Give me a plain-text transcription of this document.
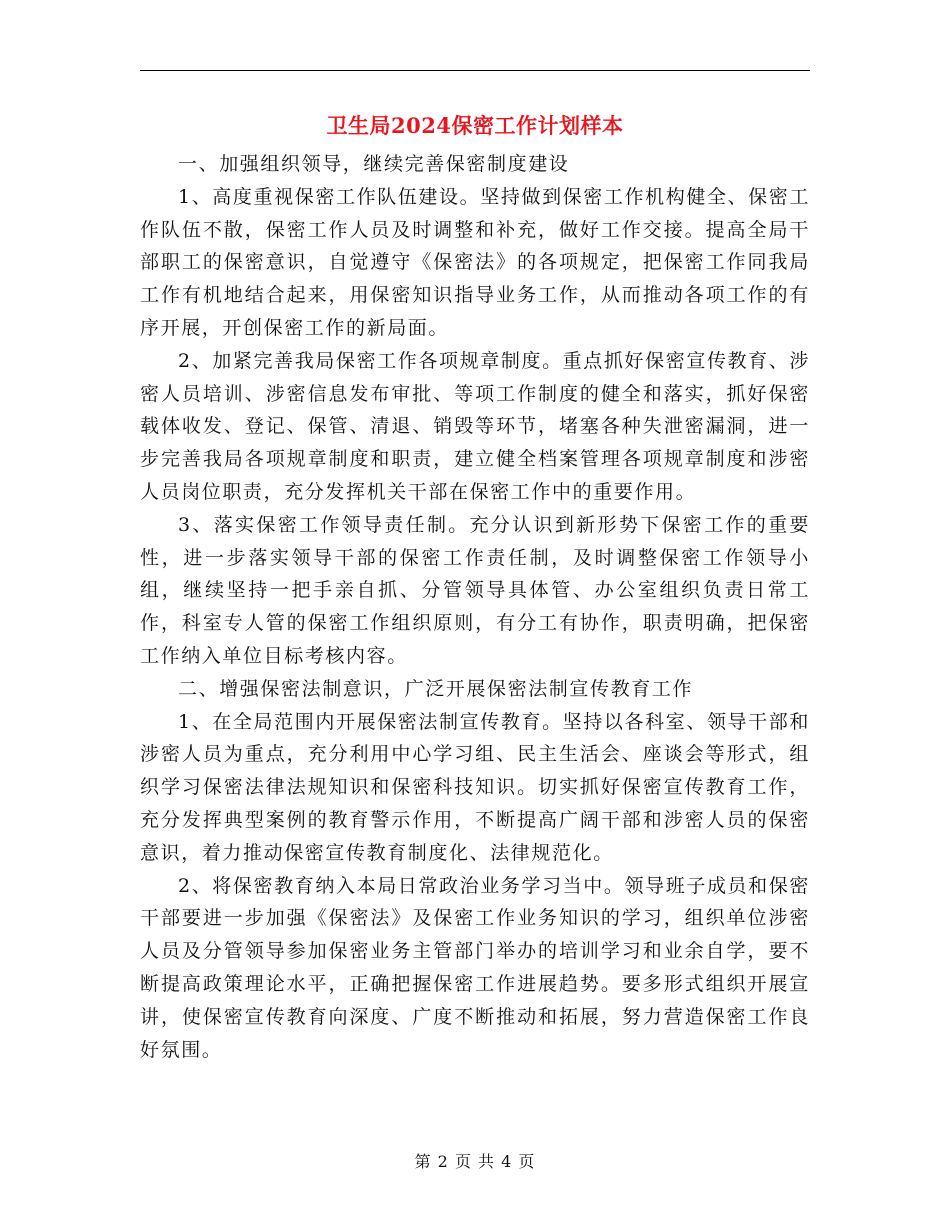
卫生局2024保密工作计划样本

一、加强组织领导，继续完善保密制度建设

1、高度重视保密工作队伍建设。坚持做到保密工作机构健全、保密工作队伍不散，保密工作人员及时调整和补充，做好工作交接。提高全局干部职工的保密意识，自觉遵守《保密法》的各项规定，把保密工作同我局工作有机地结合起来，用保密知识指导业务工作，从而推动各项工作的有序开展，开创保密工作的新局面。

2、加紧完善我局保密工作各项规章制度。重点抓好保密宣传教育、涉密人员培训、涉密信息发布审批、等项工作制度的健全和落实，抓好保密载体收发、登记、保管、清退、销毁等环节，堵塞各种失泄密漏洞，进一步完善我局各项规章制度和职责，建立健全档案管理各项规章制度和涉密人员岗位职责，充分发挥机关干部在保密工作中的重要作用。

3、落实保密工作领导责任制。充分认识到新形势下保密工作的重要性，进一步落实领导干部的保密工作责任制，及时调整保密工作领导小组，继续坚持一把手亲自抓、分管领导具体管、办公室组织负责日常工作，科室专人管的保密工作组织原则，有分工有协作，职责明确，把保密工作纳入单位目标考核内容。

二、增强保密法制意识，广泛开展保密法制宣传教育工作

1、在全局范围内开展保密法制宣传教育。坚持以各科室、领导干部和涉密人员为重点，充分利用中心学习组、民主生活会、座谈会等形式，组织学习保密法律法规知识和保密科技知识。切实抓好保密宣传教育工作，充分发挥典型案例的教育警示作用，不断提高广阔干部和涉密人员的保密意识，着力推动保密宣传教育制度化、法律规范化。

2、将保密教育纳入本局日常政治业务学习当中。领导班子成员和保密干部要进一步加强《保密法》及保密工作业务知识的学习，组织单位涉密人员及分管领导参加保密业务主管部门举办的培训学习和业余自学，要不断提高政策理论水平，正确把握保密工作进展趋势。要多形式组织开展宣讲，使保密宣传教育向深度、广度不断推动和拓展，努力营造保密工作良好氛围。

第 2 页 共 4 页
